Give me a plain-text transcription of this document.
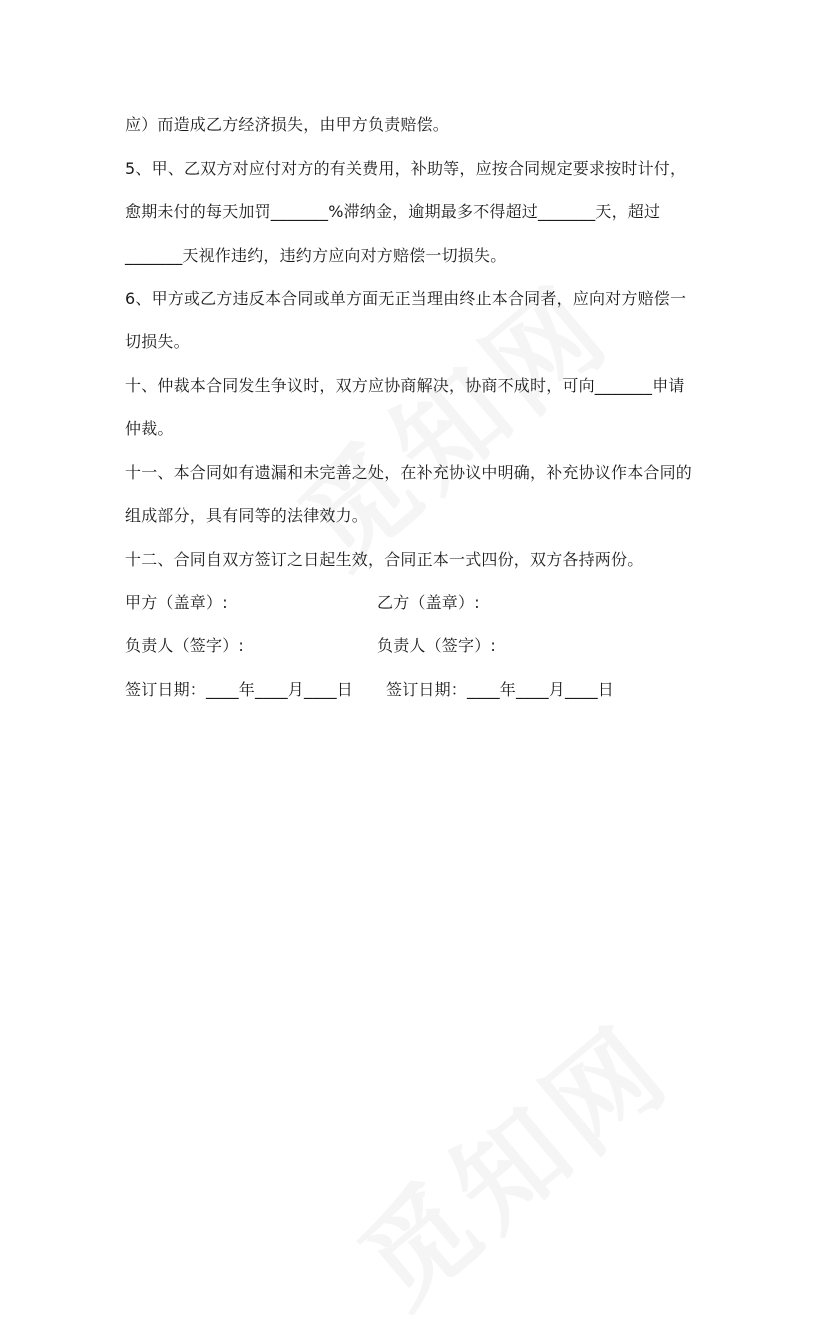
应）而造成乙方经济损失，由甲方负责赔偿。
5、甲、乙双方对应付对方的有关费用，补助等，应按合同规定要求按时计付，
愈期未付的每天加罚_______%滞纳金，逾期最多不得超过_______天，超过
_______天视作违约，违约方应向对方赔偿一切损失。
6、甲方或乙方违反本合同或单方面无正当理由终止本合同者，应向对方赔偿一
切损失。
十、仲裁本合同发生争议时，双方应协商解决，协商不成时，可向_______申请
仲裁。
十一、本合同如有遗漏和未完善之处，在补充协议中明确，补充协议作本合同的
组成部分，具有同等的法律效力。
十二、合同自双方签订之日起生效，合同正本一式四份，双方各持两份。
甲方（盖章）:	乙方（盖章）:
负责人（签字）:	负责人（签字）:
签订日期：____年____月____日 签订日期：____年____月____日
